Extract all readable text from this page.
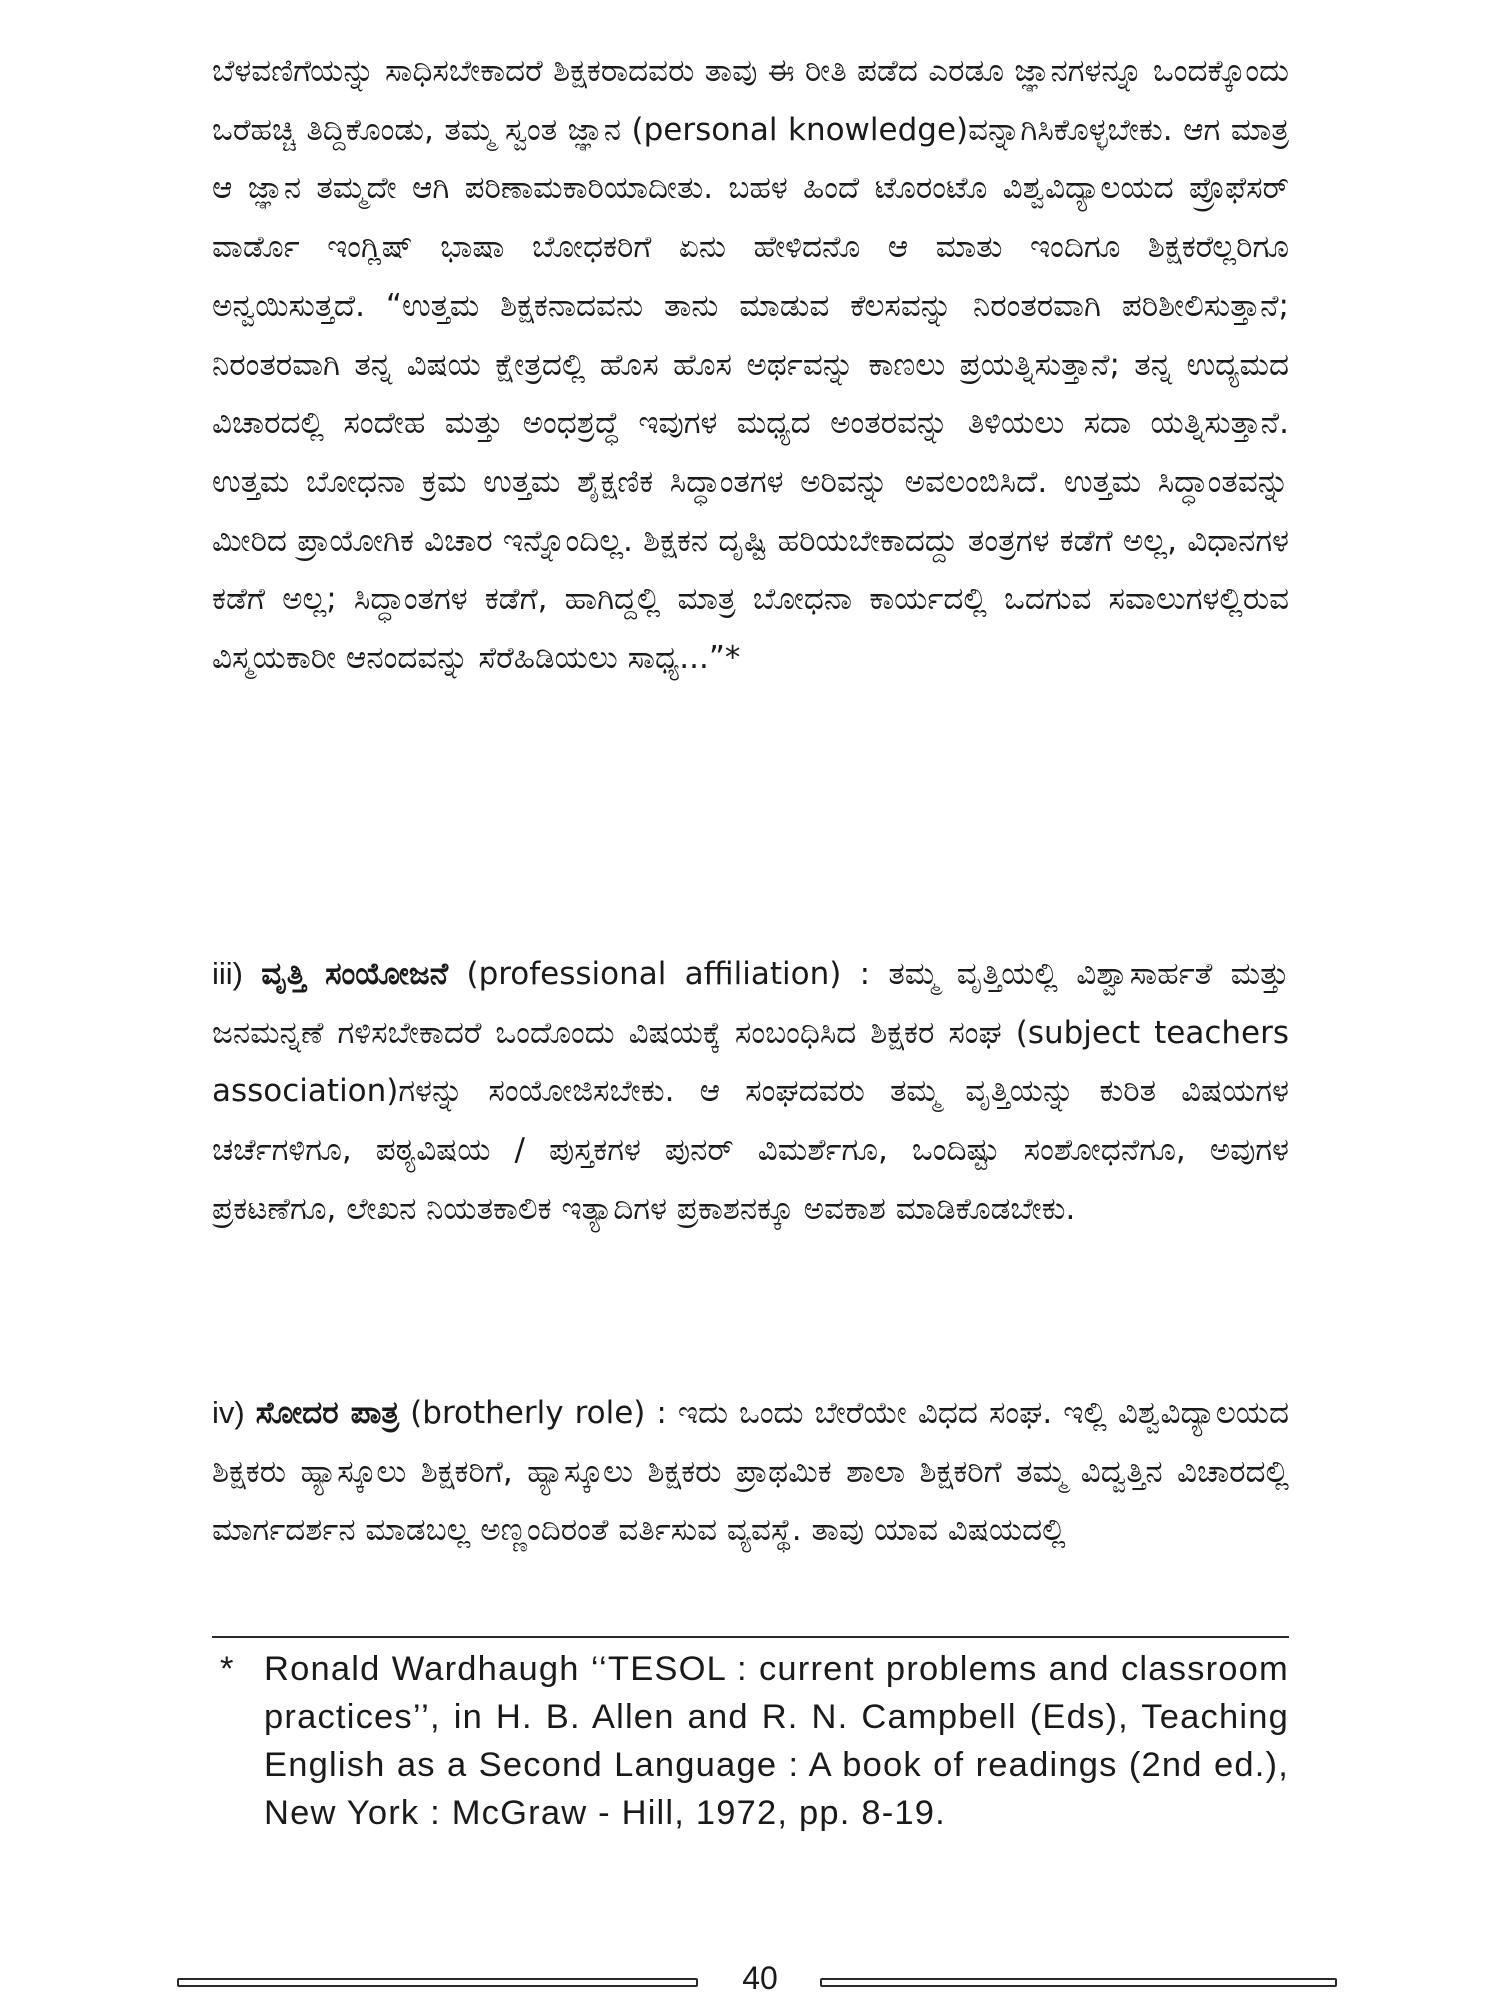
ಬೆಳವಣಿಗೆಯನ್ನು ಸಾಧಿಸಬೇಕಾದರೆ ಶಿಕ್ಷಕರಾದವರು ತಾವು ಈ ರೀತಿ ಪಡೆದ ಎರಡೂ ಜ್ಞಾನಗಳನ್ನೂ ಒಂದಕ್ಕೊಂದು ಒರೆಹಚ್ಚಿ ತಿದ್ದಿಕೊಂಡು, ತಮ್ಮ ಸ್ವಂತ ಜ್ಞಾನ (personal knowledge)ವನ್ನಾಗಿಸಿಕೊಳ್ಳಬೇಕು. ಆಗ ಮಾತ್ರ ಆ ಜ್ಞಾನ ತಮ್ಮದೇ ಆಗಿ ಪರಿಣಾಮಕಾರಿಯಾದೀತು. ಬಹಳ ಹಿಂದೆ ಟೊರಂಟೊ ವಿಶ್ವವಿದ್ಯಾಲಯದ ಪ್ರೊಫೆಸರ್ ವಾರ್ಡೊ ಇಂಗ್ಲಿಷ್ ಭಾಷಾ ಬೋಧಕರಿಗೆ ಏನು ಹೇಳಿದನೊ ಆ ಮಾತು ಇಂದಿಗೂ ಶಿಕ್ಷಕರೆಲ್ಲರಿಗೂ ಅನ್ವಯಿಸುತ್ತದೆ. “ಉತ್ತಮ ಶಿಕ್ಷಕನಾದವನು ತಾನು ಮಾಡುವ ಕೆಲಸವನ್ನು ನಿರಂತರವಾಗಿ ಪರಿಶೀಲಿಸುತ್ತಾನೆ; ನಿರಂತರವಾಗಿ ತನ್ನ ವಿಷಯ ಕ್ಷೇತ್ರದಲ್ಲಿ ಹೊಸ ಹೊಸ ಅರ್ಥವನ್ನು ಕಾಣಲು ಪ್ರಯತ್ನಿಸುತ್ತಾನೆ; ತನ್ನ ಉದ್ಯಮದ ವಿಚಾರದಲ್ಲಿ ಸಂದೇಹ ಮತ್ತು ಅಂಧಶ್ರದ್ಧೆ ಇವುಗಳ ಮಧ್ಯದ ಅಂತರವನ್ನು ತಿಳಿಯಲು ಸದಾ ಯತ್ನಿಸುತ್ತಾನೆ. ಉತ್ತಮ ಬೋಧನಾ ಕ್ರಮ ಉತ್ತಮ ಶೈಕ್ಷಣಿಕ ಸಿದ್ಧಾಂತಗಳ ಅರಿವನ್ನು ಅವಲಂಬಿಸಿದೆ. ಉತ್ತಮ ಸಿದ್ಧಾಂತವನ್ನು ಮೀರಿದ ಪ್ರಾಯೋಗಿಕ ವಿಚಾರ ಇನ್ನೊಂದಿಲ್ಲ. ಶಿಕ್ಷಕನ ದೃಷ್ಟಿ ಹರಿಯಬೇಕಾದದ್ದು ತಂತ್ರಗಳ ಕಡೆಗೆ ಅಲ್ಲ, ವಿಧಾನಗಳ ಕಡೆಗೆ ಅಲ್ಲ; ಸಿದ್ಧಾಂತಗಳ ಕಡೆಗೆ, ಹಾಗಿದ್ದಲ್ಲಿ ಮಾತ್ರ ಬೋಧನಾ ಕಾರ್ಯದಲ್ಲಿ ಒದಗುವ ಸವಾಲುಗಳಲ್ಲಿರುವ ವಿಸ್ಮಯಕಾರೀ ಆನಂದವನ್ನು ಸೆರೆಹಿಡಿಯಲು ಸಾಧ್ಯ...”*

iii) ವೃತ್ತಿ ಸಂಯೋಜನೆ (professional affiliation) : ತಮ್ಮ ವೃತ್ತಿಯಲ್ಲಿ ವಿಶ್ವಾಸಾರ್ಹತೆ ಮತ್ತು ಜನಮನ್ನಣೆ ಗಳಿಸಬೇಕಾದರೆ ಒಂದೊಂದು ವಿಷಯಕ್ಕೆ ಸಂಬಂಧಿಸಿದ ಶಿಕ್ಷಕರ ಸಂಘ (subject teachers association)ಗಳನ್ನು ಸಂಯೋಜಿಸಬೇಕು. ಆ ಸಂಘದವರು ತಮ್ಮ ವೃತ್ತಿಯನ್ನು ಕುರಿತ ವಿಷಯಗಳ ಚರ್ಚೆಗಳಿಗೂ, ಪಠ್ಯವಿಷಯ / ಪುಸ್ತಕಗಳ ಪುನರ್ ವಿಮರ್ಶೆಗೂ, ಒಂದಿಷ್ಟು ಸಂಶೋಧನೆಗೂ, ಅವುಗಳ ಪ್ರಕಟಣೆಗೂ, ಲೇಖನ ನಿಯತಕಾಲಿಕ ಇತ್ಯಾದಿಗಳ ಪ್ರಕಾಶನಕ್ಕೂ ಅವಕಾಶ ಮಾಡಿಕೊಡಬೇಕು.

iv) ಸೋದರ ಪಾತ್ರ (brotherly role) : ಇದು ಒಂದು ಬೇರೆಯೇ ವಿಧದ ಸಂಘ. ಇಲ್ಲಿ ವಿಶ್ವವಿದ್ಯಾಲಯದ ಶಿಕ್ಷಕರು ಹ್ಯಾಸ್ಕೂಲು ಶಿಕ್ಷಕರಿಗೆ, ಹ್ಯಾಸ್ಕೂಲು ಶಿಕ್ಷಕರು ಪ್ರಾಥಮಿಕ ಶಾಲಾ ಶಿಕ್ಷಕರಿಗೆ ತಮ್ಮ ವಿದ್ವತ್ತಿನ ವಿಚಾರದಲ್ಲಿ ಮಾರ್ಗದರ್ಶನ ಮಾಡಬಲ್ಲ ಅಣ್ಣಂದಿರಂತೆ ವರ್ತಿಸುವ ವ್ಯವಸ್ಥೆ. ತಾವು ಯಾವ ವಿಷಯದಲ್ಲಿ

* Ronald Wardhaugh ‘‘TESOL : current problems and classroom practices’’, in H. B. Allen and R. N. Campbell (Eds), Teaching English as a Second Language : A book of readings (2nd ed.), New York : McGraw - Hill, 1972, pp. 8-19.
40
